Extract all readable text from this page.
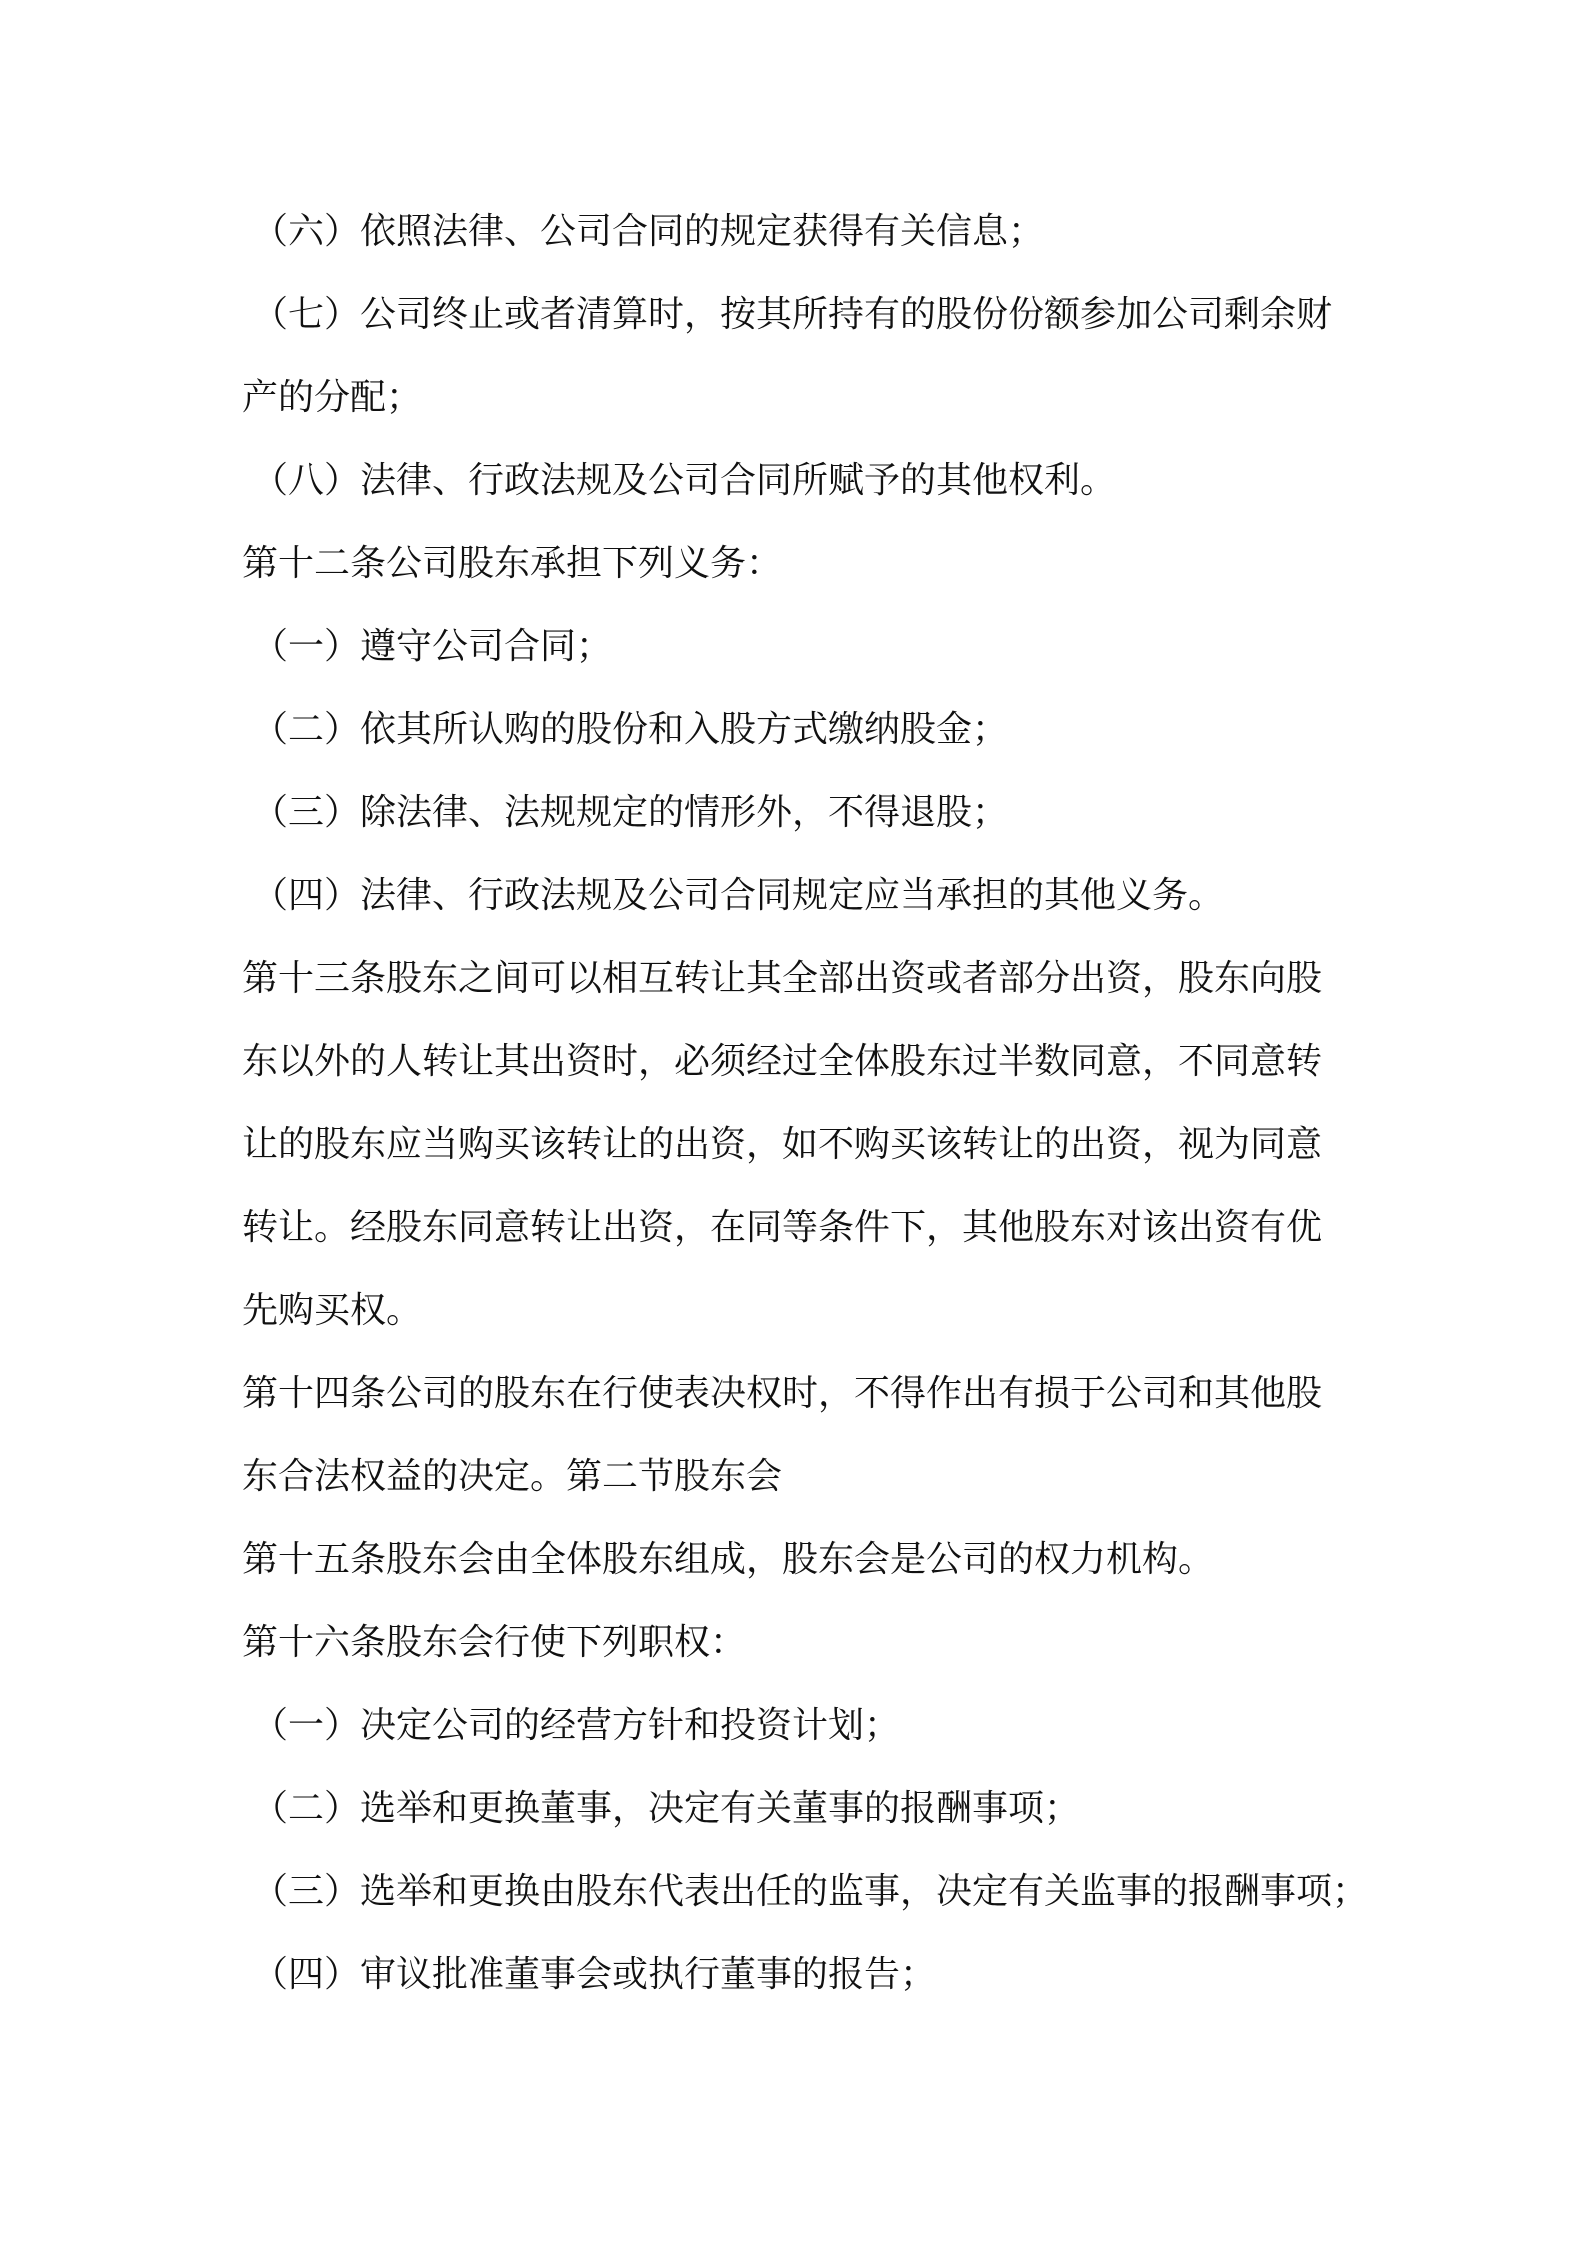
（六）依照法律、公司合同的规定获得有关信息；
（七）公司终止或者清算时，按其所持有的股份份额参加公司剩余财
产的分配；
（八）法律、行政法规及公司合同所赋予的其他权利。
第十二条公司股东承担下列义务：
（一）遵守公司合同；
（二）依其所认购的股份和入股方式缴纳股金；
（三）除法律、法规规定的情形外，不得退股；
（四）法律、行政法规及公司合同规定应当承担的其他义务。
第十三条股东之间可以相互转让其全部出资或者部分出资，股东向股
东以外的人转让其出资时，必须经过全体股东过半数同意，不同意转
让的股东应当购买该转让的出资，如不购买该转让的出资，视为同意
转让。经股东同意转让出资，在同等条件下，其他股东对该出资有优
先购买权。
第十四条公司的股东在行使表决权时，不得作出有损于公司和其他股
东合法权益的决定。第二节股东会
第十五条股东会由全体股东组成，股东会是公司的权力机构。
第十六条股东会行使下列职权：
（一）决定公司的经营方针和投资计划；
（二）选举和更换董事，决定有关董事的报酬事项；
（三）选举和更换由股东代表出任的监事，决定有关监事的报酬事项；
（四）审议批准董事会或执行董事的报告；
